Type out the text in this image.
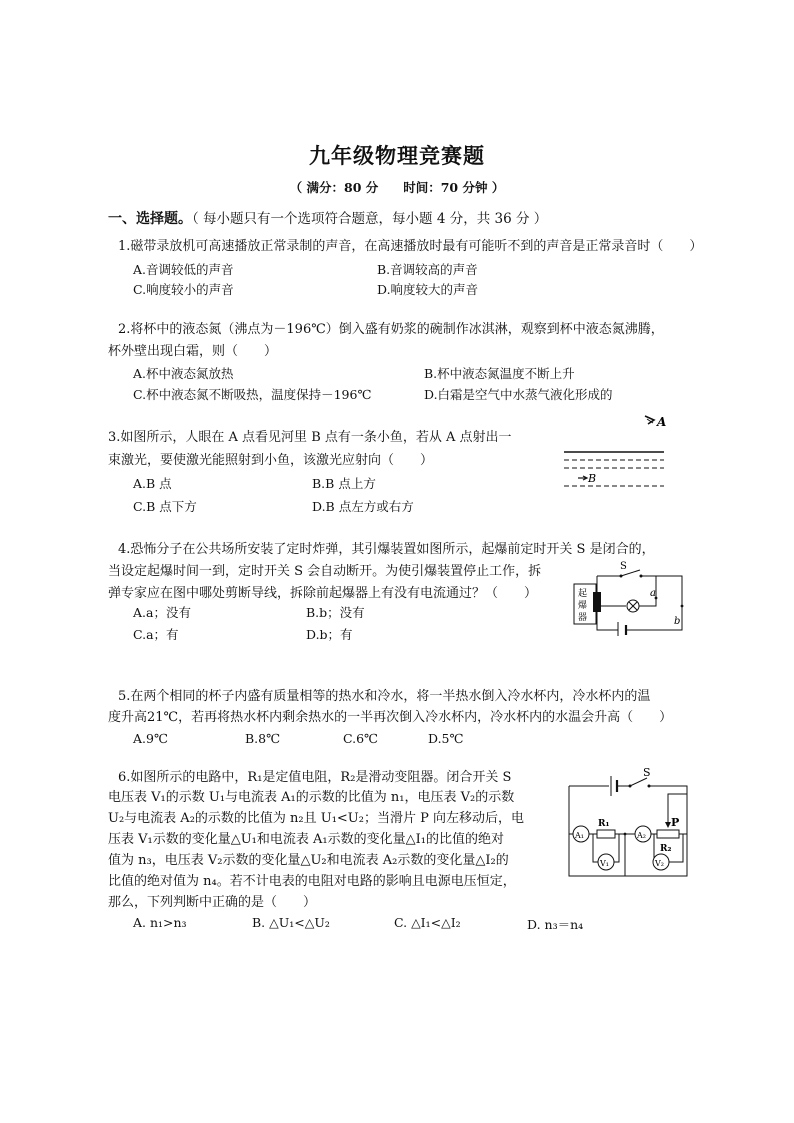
九年级物理竞赛题
（ 满分：80 分　　时间：70 分钟 ）
一、选择题。（ 每小题只有一个选项符合题意，每小题 4 分，共 36 分 ）
1.磁带录放机可高速播放正常录制的声音，在高速播放时最有可能听不到的声音是正常录音时（　　）
A.音调较低的声音	B.音调较高的声音
C.响度较小的声音	D.响度较大的声音
2.将杯中的液态氮（沸点为－196℃）倒入盛有奶浆的碗制作冰淇淋，观察到杯中液态氮沸腾，
杯外壁出现白霜，则（　　）
A.杯中液态氮放热	B.杯中液态氮温度不断上升
C.杯中液态氮不断吸热，温度保持－196℃	D.白霜是空气中水蒸气液化形成的
3.如图所示，人眼在 A 点看见河里 B 点有一条小鱼，若从 A 点射出一
束激光，要使激光能照射到小鱼，该激光应射向（　　）
A.B 点	B.B 点上方
C.B 点下方	D.B 点左方或右方
A
B
4.恐怖分子在公共场所安装了定时炸弹，其引爆装置如图所示，起爆前定时开关 S 是闭合的，
当设定起爆时间一到，定时开关 S 会自动断开。为使引爆装置停止工作，拆
弹专家应在图中哪处剪断导线，拆除前起爆器上有没有电流通过？（　　）
A.a；没有	B.b；没有
C.a；有	D.b；有
S
起
爆
器
a
b
5.在两个相同的杯子内盛有质量相等的热水和冷水，将一半热水倒入冷水杯内，冷水杯内的温
度升高21℃，若再将热水杯内剩余热水的一半再次倒入冷水杯内，冷水杯内的水温会升高（　　）
A.9℃	B.8℃	C.6℃	D.5℃
6.如图所示的电路中，R₁是定值电阻，R₂是滑动变阻器。闭合开关 S
电压表 V₁的示数 U₁与电流表 A₁的示数的比值为 n₁，电压表 V₂的示数
U₂与电流表 A₂的示数的比值为 n₂且 U₁<U₂；当滑片 P 向左移动后，电
压表 V₁示数的变化量△U₁和电流表 A₁示数的变化量△I₁的比值的绝对
值为 n₃，电压表 V₂示数的变化量△U₂和电流表 A₂示数的变化量△I₂的
比值的绝对值为 n₄。若不计电表的电阻对电路的影响且电源电压恒定，
那么，下列判断中正确的是（　　）
A. n₁>n₃	B. △U₁<△U₂	C. △I₁<△I₂	D. n₃＝n₄
S
A₁
R₁
A₂
P
R₂
V₁	V₂
